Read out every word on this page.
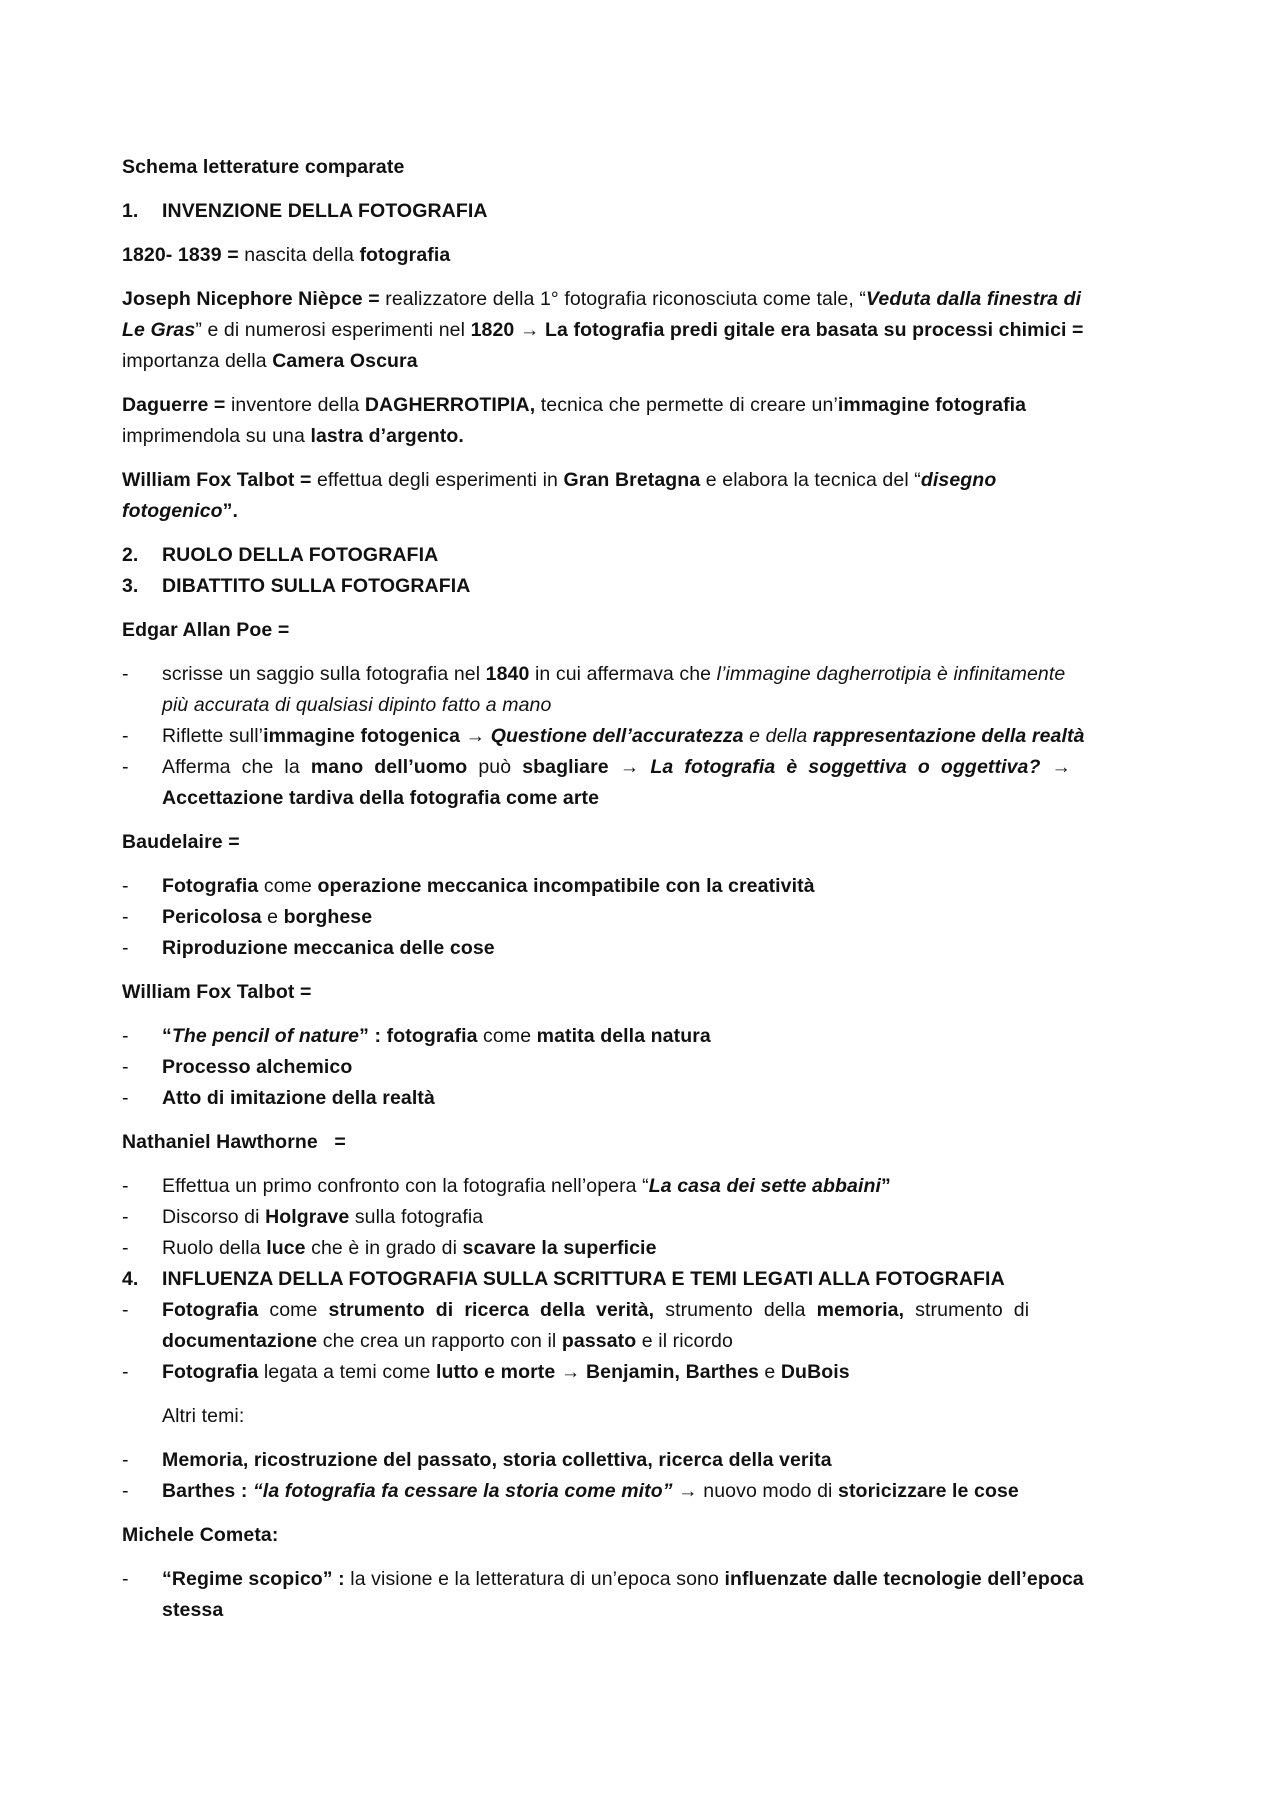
Schema letterature comparate
1. INVENZIONE DELLA FOTOGRAFIA
1820- 1839 = nascita della fotografia
Joseph Nicephore Nièpce = realizzatore della 1° fotografia riconosciuta come tale, “Veduta dalla finestra di
Le Gras” e di numerosi esperimenti nel 1820 → La fotografia predi gitale era basata su processi chimici =
importanza della Camera Oscura
Daguerre = inventore della DAGHERROTIPIA, tecnica che permette di creare un’immagine fotografia
imprimendola su una lastra d’argento.
William Fox Talbot = effettua degli esperimenti in Gran Bretagna e elabora la tecnica del “disegno
fotogenico”.
2. RUOLO DELLA FOTOGRAFIA
3. DIBATTITO SULLA FOTOGRAFIA
Edgar Allan Poe =
- scrisse un saggio sulla fotografia nel 1840 in cui affermava che l’immagine dagherrotipia è infinitamente
più accurata di qualsiasi dipinto fatto a mano
- Riflette sull’immagine fotogenica → Questione dell’accuratezza e della rappresentazione della realtà
- Afferma  che  la  mano  dell’uomo  può  sbagliare  →  La  fotografia  è  soggettiva  o  oggettiva?  →
Accettazione tardiva della fotografia come arte
Baudelaire =
- Fotografia come operazione meccanica incompatibile con la creatività
- Pericolosa e borghese
- Riproduzione meccanica delle cose
William Fox Talbot =
- “The pencil of nature” : fotografia come matita della natura
- Processo alchemico
- Atto di imitazione della realtà
Nathaniel Hawthorne   =
- Effettua un primo confronto con la fotografia nell’opera “La casa dei sette abbaini”
- Discorso di Holgrave sulla fotografia
- Ruolo della luce che è in grado di scavare la superficie
4. INFLUENZA DELLA FOTOGRAFIA SULLA SCRITTURA E TEMI LEGATI ALLA FOTOGRAFIA
- Fotografia  come  strumento  di  ricerca  della  verità,  strumento  della  memoria,  strumento  di
documentazione che crea un rapporto con il passato e il ricordo
- Fotografia legata a temi come lutto e morte → Benjamin, Barthes e DuBois
Altri temi:
- Memoria, ricostruzione del passato, storia collettiva, ricerca della verita
- Barthes : “la fotografia fa cessare la storia come mito” → nuovo modo di storicizzare le cose
Michele Cometa:
- “Regime scopico” : la visione e la letteratura di un’epoca sono influenzate dalle tecnologie dell’epoca
stessa
